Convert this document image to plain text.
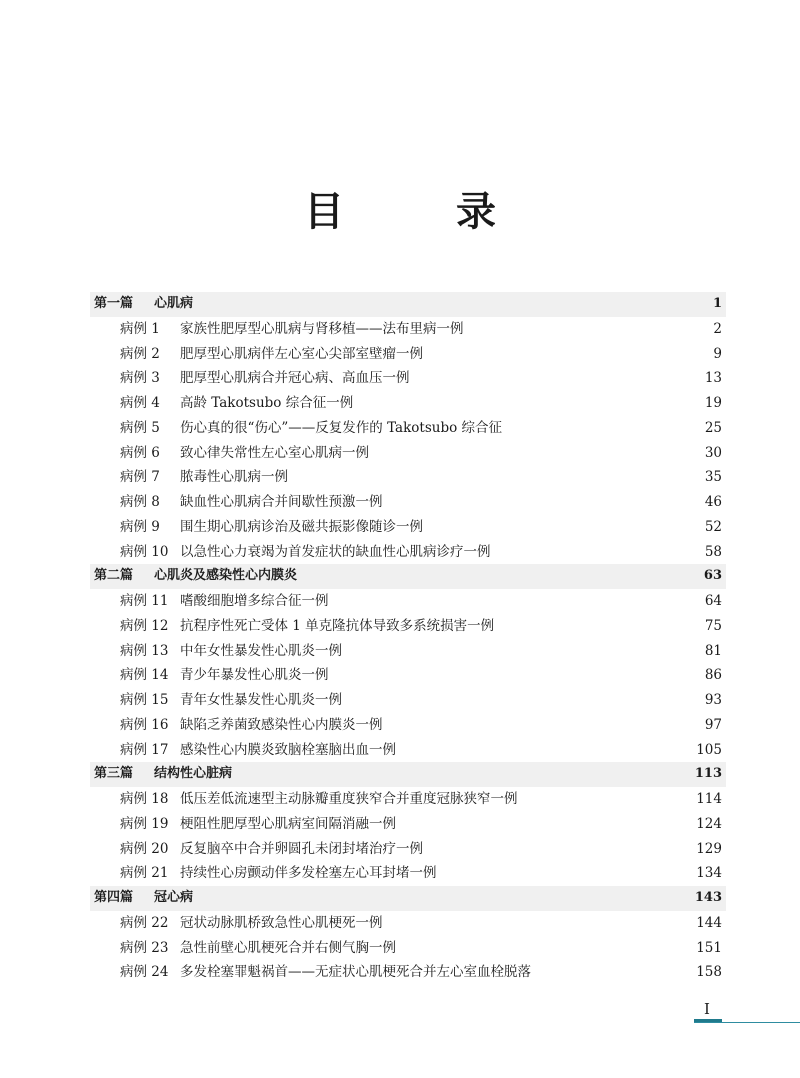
目　录
第一篇	心肌病	1
病例 1	家族性肥厚型心肌病与肾移植——法布里病一例	2
病例 2	肥厚型心肌病伴左心室心尖部室壁瘤一例	9
病例 3	肥厚型心肌病合并冠心病、高血压一例	13
病例 4	高龄 Takotsubo 综合征一例	19
病例 5	伤心真的很“伤心”——反复发作的 Takotsubo 综合征	25
病例 6	致心律失常性左心室心肌病一例	30
病例 7	脓毒性心肌病一例	35
病例 8	缺血性心肌病合并间歇性预激一例	46
病例 9	围生期心肌病诊治及磁共振影像随诊一例	52
病例 10 以急性心力衰竭为首发症状的缺血性心肌病诊疗一例	58
第二篇	心肌炎及感染性心内膜炎	63
病例 11 嗜酸细胞增多综合征一例	64
病例 12 抗程序性死亡受体 1 单克隆抗体导致多系统损害一例	75
病例 13 中年女性暴发性心肌炎一例	81
病例 14 青少年暴发性心肌炎一例	86
病例 15 青年女性暴发性心肌炎一例	93
病例 16 缺陷乏养菌致感染性心内膜炎一例	97
病例 17 感染性心内膜炎致脑栓塞脑出血一例	105
第三篇	结构性心脏病	113
病例 18 低压差低流速型主动脉瓣重度狭窄合并重度冠脉狭窄一例	114
病例 19 梗阻性肥厚型心肌病室间隔消融一例	124
病例 20 反复脑卒中合并卵圆孔未闭封堵治疗一例	129
病例 21 持续性心房颤动伴多发栓塞左心耳封堵一例	134
第四篇	冠心病	143
病例 22 冠状动脉肌桥致急性心肌梗死一例	144
病例 23 急性前壁心肌梗死合并右侧气胸一例	151
病例 24 多发栓塞罪魁祸首——无症状心肌梗死合并左心室血栓脱落	158
I
